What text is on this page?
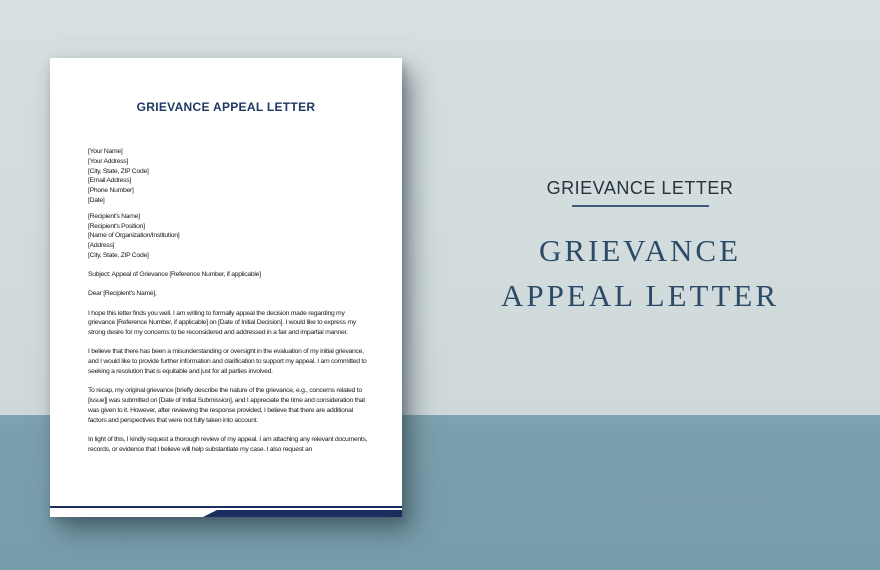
GRIEVANCE APPEAL LETTER

[Your Name]

[Your Address]

[City, State, ZIP Code]

[Email Address]

[Phone Number]

[Date]

[Recipient's Name]

[Recipient's Position]

[Name of Organization/Institution]

[Address]

[City, State, ZIP Code]

Subject: Appeal of Grievance [Reference Number, if applicable]

Dear [Recipient's Name],

I hope this letter finds you well. I am writing to formally appeal the decision made regarding my grievance [Reference Number, if applicable] on [Date of Initial Decision]. I would like to express my strong desire for my concerns to be reconsidered and addressed in a fair and impartial manner.

I believe that there has been a misunderstanding or oversight in the evaluation of my initial grievance, and I would like to provide further information and clarification to support my appeal. I am committed to seeking a resolution that is equitable and just for all parties involved.

To recap, my original grievance [briefly describe the nature of the grievance, e.g., concerns related to [issue]] was submitted on [Date of Initial Submission], and I appreciate the time and consideration that was given to it. However, after reviewing the response provided, I believe that there are additional factors and perspectives that were not fully taken into account.

In light of this, I kindly request a thorough review of my appeal. I am attaching any relevant documents, records, or evidence that I believe will help substantiate my case. I also request an

GRIEVANCE LETTER
GRIEVANCE
APPEAL LETTER
